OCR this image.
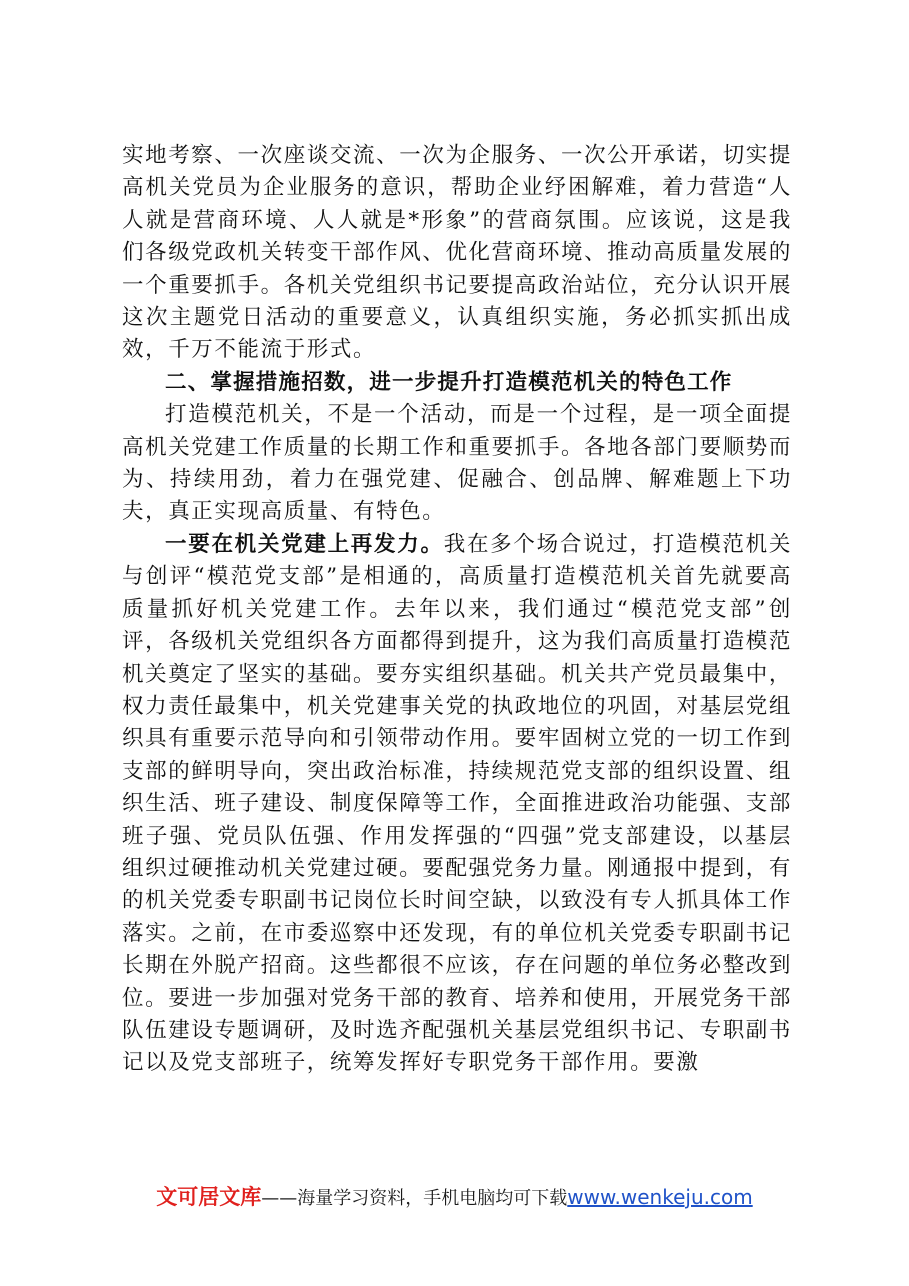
实地考察、一次座谈交流、一次为企服务、一次公开承诺，切实提高机关党员为企业服务的意识，帮助企业纾困解难，着力营造“人人就是营商环境、人人就是*形象”的营商氛围。应该说，这是我们各级党政机关转变干部作风、优化营商环境、推动高质量发展的一个重要抓手。各机关党组织书记要提高政治站位，充分认识开展这次主题党日活动的重要意义，认真组织实施，务必抓实抓出成效，千万不能流于形式。

二、掌握措施招数，进一步提升打造模范机关的特色工作

打造模范机关，不是一个活动，而是一个过程，是一项全面提高机关党建工作质量的长期工作和重要抓手。各地各部门要顺势而为、持续用劲，着力在强党建、促融合、创品牌、解难题上下功夫，真正实现高质量、有特色。

一要在机关党建上再发力。我在多个场合说过，打造模范机关与创评“模范党支部”是相通的，高质量打造模范机关首先就要高质量抓好机关党建工作。去年以来，我们通过“模范党支部”创评，各级机关党组织各方面都得到提升，这为我们高质量打造模范机关奠定了坚实的基础。要夯实组织基础。机关共产党员最集中，权力责任最集中，机关党建事关党的执政地位的巩固，对基层党组织具有重要示范导向和引领带动作用。要牢固树立党的一切工作到支部的鲜明导向，突出政治标准，持续规范党支部的组织设置、组织生活、班子建设、制度保障等工作，全面推进政治功能强、支部班子强、党员队伍强、作用发挥强的“四强”党支部建设，以基层组织过硬推动机关党建过硬。要配强党务力量。刚通报中提到，有的机关党委专职副书记岗位长时间空缺，以致没有专人抓具体工作落实。之前，在市委巡察中还发现，有的单位机关党委专职副书记长期在外脱产招商。这些都很不应该，存在问题的单位务必整改到位。要进一步加强对党务干部的教育、培养和使用，开展党务干部队伍建设专题调研，及时选齐配强机关基层党组织书记、专职副书记以及党支部班子，统筹发挥好专职党务干部作用。要激

文可居文库——海量学习资料，手机电脑均可下载www.wenkeju.com
